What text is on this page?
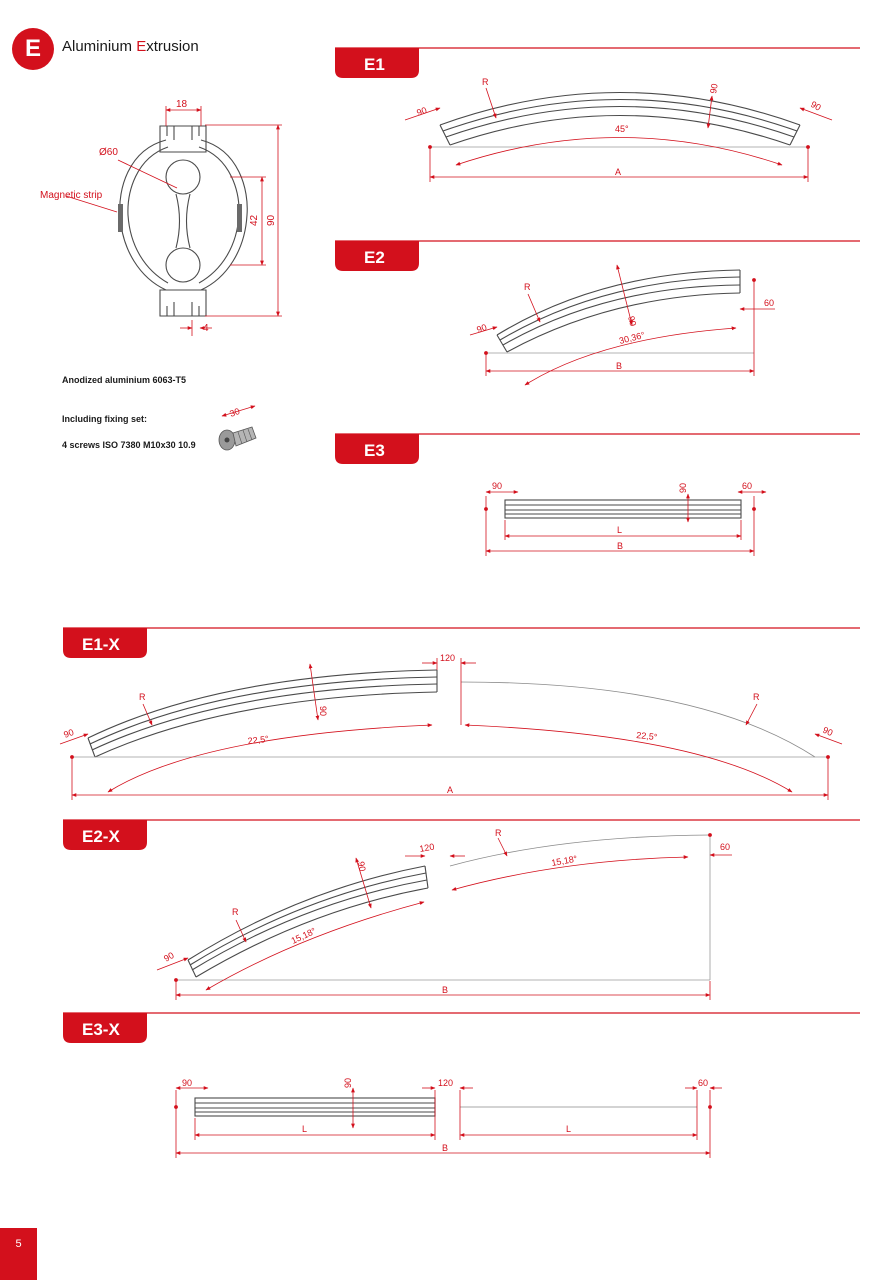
E	Aluminium Extrusion
Anodized aluminium 6063-T5
Including fixing set:
4 screws ISO 7380 M10x30 10.9
5
E1
E2
E3
E1-X
E2-X
E3-X
18
Ø60
42 90
4
Magnetic strip
30
90	90
90
R
45°
A
90
60
90
R
30,36°
B
90	60
90
L
B
90	90
120
90
R	R
22,5°	22,5°
A
90
120	60
90
R
R
15,18°
15,18°
B
90	90	120	60
L	L
B
